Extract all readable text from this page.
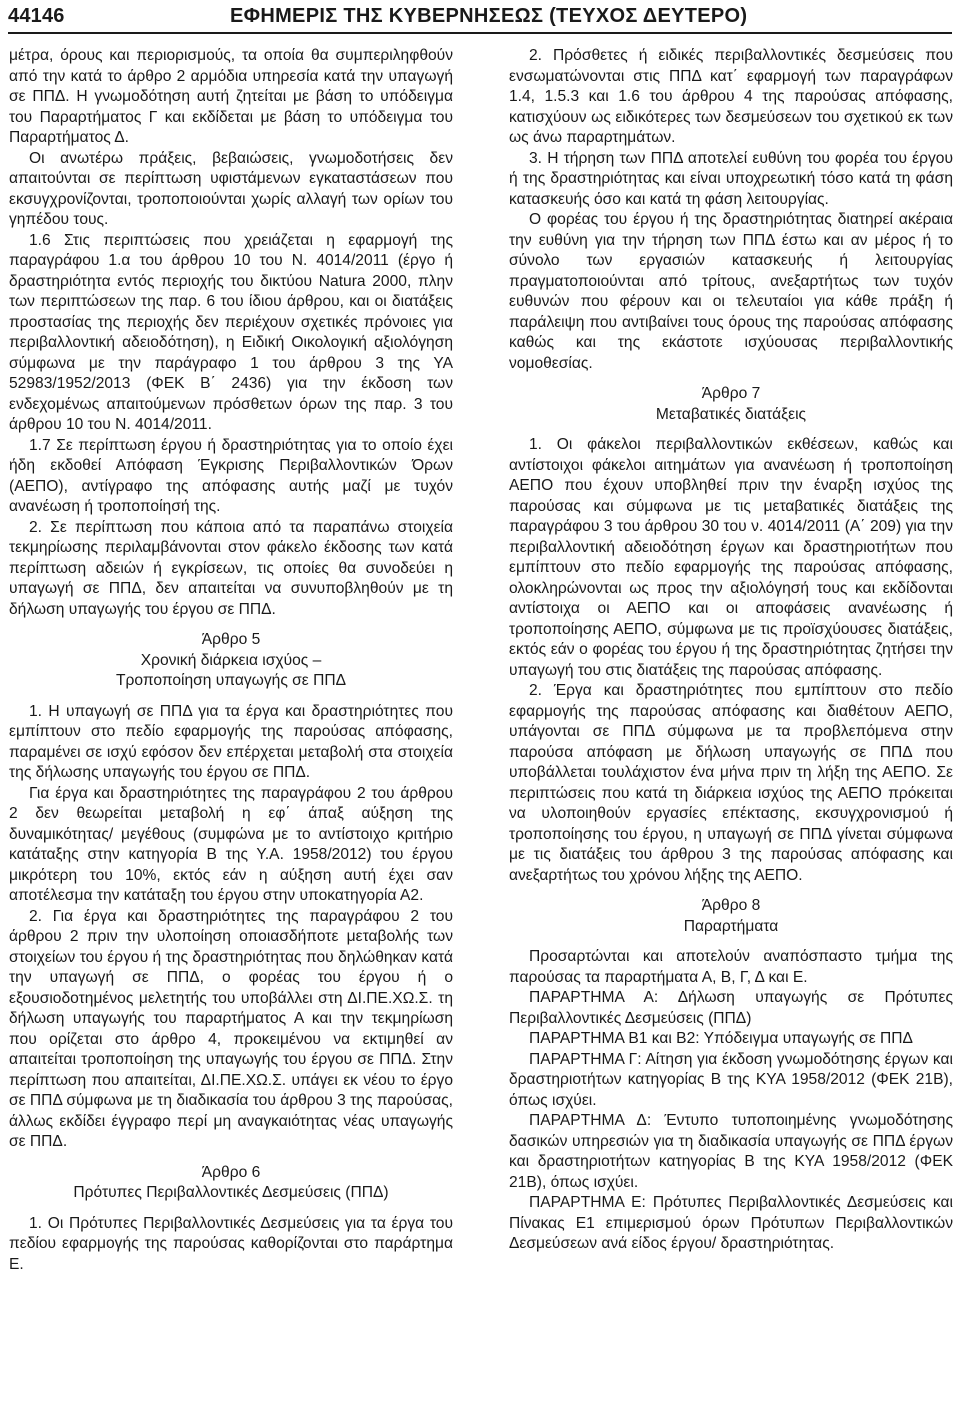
44146	ΕΦΗΜΕΡΙΣ ΤΗΣ ΚΥΒΕΡΝΗΣΕΩΣ (ΤΕΥΧΟΣ ΔΕΥΤΕΡΟ)

μέτρα, όρους και περιορισμούς, τα οποία θα συμπεριληφθούν από την κατά το άρθρο 2 αρμόδια υπηρεσία κατά την υπαγωγή σε ΠΠΔ. Η γνωμοδότηση αυτή ζητείται με βάση το υπόδειγμα του Παραρτήματος Γ και εκδίδεται με βάση το υπόδειγμα του Παραρτήματος Δ.

Οι ανωτέρω πράξεις, βεβαιώσεις, γνωμοδοτήσεις δεν απαιτούνται σε περίπτωση υφιστάμενων εγκαταστάσεων που εκσυγχρονίζονται, τροποποιούνται χωρίς αλλαγή των ορίων του γηπέδου τους.

1.6 Στις περιπτώσεις που χρειάζεται η εφαρμογή της παραγράφου 1.α του άρθρου 10 του Ν. 4014/2011 (έργο ή δραστηριότητα εντός περιοχής του δικτύου Natura 2000, πλην των περιπτώσεων της παρ. 6 του ίδιου άρθρου, και οι διατάξεις προστασίας της περιοχής δεν περιέχουν σχετικές πρόνοιες για περιβαλλοντική αδειοδότηση), η Ειδική Οικολογική αξιολόγηση σύμφωνα με την παράγραφο 1 του άρθρου 3 της ΥΑ 52983/1952/2013 (ΦΕΚ Β΄ 2436) για την έκδοση των ενδεχομένως απαιτούμενων πρόσθετων όρων της παρ. 3 του άρθρου 10 του Ν. 4014/2011.

1.7 Σε περίπτωση έργου ή δραστηριότητας για το οποίο έχει ήδη εκδοθεί Απόφαση Έγκρισης Περιβαλλοντικών Όρων (ΑΕΠΟ), αντίγραφο της απόφασης αυτής μαζί με τυχόν ανανέωση ή τροποποίησή της.

2. Σε περίπτωση που κάποια από τα παραπάνω στοιχεία τεκμηρίωσης περιλαμβάνονται στον φάκελο έκδοσης των κατά περίπτωση αδειών ή εγκρίσεων, τις οποίες θα συνοδεύει η υπαγωγή σε ΠΠΔ, δεν απαιτείται να συνυποβληθούν με τη δήλωση υπαγωγής του έργου σε ΠΠΔ.

Άρθρο 5

Χρονική διάρκεια ισχύος –

Τροποποίηση υπαγωγής σε ΠΠΔ

1. Η υπαγωγή σε ΠΠΔ για τα έργα και δραστηριότητες που εμπίπτουν στο πεδίο εφαρμογής της παρούσας απόφασης, παραμένει σε ισχύ εφόσον δεν επέρχεται μεταβολή στα στοιχεία της δήλωσης υπαγωγής του έργου σε ΠΠΔ.

Για έργα και δραστηριότητες της παραγράφου 2 του άρθρου 2 δεν θεωρείται μεταβολή η εφ΄ άπαξ αύξηση της δυναμικότητας/ μεγέθους (συμφώνα με το αντίστοιχο κριτήριο κατάταξης στην κατηγορία Β της Υ.Α. 1958/2012) του έργου μικρότερη του 10%, εκτός εάν η αύξηση αυτή έχει σαν αποτέλεσμα την κατάταξη του έργου στην υποκατηγορία Α2.

2. Για έργα και δραστηριότητες της παραγράφου 2 του άρθρου 2 πριν την υλοποίηση οποιασδήποτε μεταβολής των στοιχείων του έργου ή της δραστηριότητας που δηλώθηκαν κατά την υπαγωγή σε ΠΠΔ, ο φορέας του έργου ή ο εξουσιοδοτημένος μελετητής του υποβάλλει στη ΔΙ.ΠΕ.ΧΩ.Σ. τη δήλωση υπαγωγής του παραρτήματος Α και την τεκμηρίωση που ορίζεται στο άρθρο 4, προκειμένου να εκτιμηθεί αν απαιτείται τροποποίηση της υπαγωγής του έργου σε ΠΠΔ. Στην περίπτωση που απαιτείται, ΔΙ.ΠΕ.ΧΩ.Σ. υπάγει εκ νέου το έργο σε ΠΠΔ σύμφωνα με τη διαδικασία του άρθρου 3 της παρούσας, άλλως εκδίδει έγγραφο περί μη αναγκαιότητας νέας υπαγωγής σε ΠΠΔ.

Άρθρο 6

Πρότυπες Περιβαλλοντικές Δεσμεύσεις (ΠΠΔ)

1. Οι Πρότυπες Περιβαλλοντικές Δεσμεύσεις για τα έργα του πεδίου εφαρμογής της παρούσας καθορίζονται στο παράρτημα Ε.

2. Πρόσθετες ή ειδικές περιβαλλοντικές δεσμεύσεις που ενσωματώνονται στις ΠΠΔ κατ΄ εφαρμογή των παραγράφων 1.4, 1.5.3 και 1.6 του άρθρου 4 της παρούσας απόφασης, κατισχύουν ως ειδικότερες των δεσμεύσεων του σχετικού εκ των ως άνω παραρτημάτων.

3. Η τήρηση των ΠΠΔ αποτελεί ευθύνη του φορέα του έργου ή της δραστηριότητας και είναι υποχρεωτική τόσο κατά τη φάση κατασκευής όσο και κατά τη φάση λειτουργίας.

Ο φορέας του έργου ή της δραστηριότητας διατηρεί ακέραια την ευθύνη για την τήρηση των ΠΠΔ έστω και αν μέρος ή το σύνολο των εργασιών κατασκευής ή λειτουργίας πραγματοποιούνται από τρίτους, ανεξαρτήτως των τυχόν ευθυνών που φέρουν και οι τελευταίοι για κάθε πράξη ή παράλειψη που αντιβαίνει τους όρους της παρούσας απόφασης καθώς και της εκάστοτε ισχύουσας περιβαλλοντικής νομοθεσίας.

Άρθρο 7

Μεταβατικές διατάξεις

1. Οι φάκελοι περιβαλλοντικών εκθέσεων, καθώς και αντίστοιχοι φάκελοι αιτημάτων για ανανέωση ή τροποποίηση ΑΕΠΟ που έχουν υποβληθεί πριν την έναρξη ισχύος της παρούσας και σύμφωνα με τις μεταβατικές διατάξεις της παραγράφου 3 του άρθρου 30 του ν. 4014/2011 (Α΄ 209) για την περιβαλλοντική αδειοδότηση έργων και δραστηριοτήτων που εμπίπτουν στο πεδίο εφαρμογής της παρούσας απόφασης, ολοκληρώνονται ως προς την αξιολόγησή τους και εκδίδονται αντίστοιχα οι ΑΕΠΟ και οι αποφάσεις ανανέωσης ή τροποποίησης ΑΕΠΟ, σύμφωνα με τις προϊσχύουσες διατάξεις, εκτός εάν ο φορέας του έργου ή της δραστηριότητας ζητήσει την υπαγωγή του στις διατάξεις της παρούσας απόφασης.

2. Έργα και δραστηριότητες που εμπίπτουν στο πεδίο εφαρμογής της παρούσας απόφασης και διαθέτουν ΑΕΠΟ, υπάγονται σε ΠΠΔ σύμφωνα με τα προβλεπόμενα στην παρούσα απόφαση με δήλωση υπαγωγής σε ΠΠΔ που υποβάλλεται τουλάχιστον ένα μήνα πριν τη λήξη της ΑΕΠΟ. Σε περιπτώσεις που κατά τη διάρκεια ισχύος της ΑΕΠΟ πρόκειται να υλοποιηθούν εργασίες επέκτασης, εκσυγχρονισμού ή τροποποίησης του έργου, η υπαγωγή σε ΠΠΔ γίνεται σύμφωνα με τις διατάξεις του άρθρου 3 της παρούσας απόφασης και ανεξαρτήτως του χρόνου λήξης της ΑΕΠΟ.

Άρθρο 8

Παραρτήματα

Προσαρτώνται και αποτελούν αναπόσπαστο τμήμα της παρούσας τα παραρτήματα Α, Β, Γ, Δ και Ε.

ΠΑΡΑΡΤΗΜΑ Α: Δήλωση υπαγωγής σε Πρότυπες Περιβαλλοντικές Δεσμεύσεις (ΠΠΔ)

ΠΑΡΑΡΤΗΜΑ Β1 και Β2: Υπόδειγμα υπαγωγής σε ΠΠΔ

ΠΑΡΑΡΤΗΜΑ Γ: Αίτηση για έκδοση γνωμοδότησης έργων και δραστηριοτήτων κατηγορίας Β της ΚΥΑ 1958/2012 (ΦΕΚ 21Β), όπως ισχύει.

ΠΑΡΑΡΤΗΜΑ Δ: Έντυπο τυποποιημένης γνωμοδότησης δασικών υπηρεσιών για τη διαδικασία υπαγωγής σε ΠΠΔ έργων και δραστηριοτήτων κατηγορίας Β της ΚΥΑ 1958/2012 (ΦΕΚ 21Β), όπως ισχύει.

ΠΑΡΑΡΤΗΜΑ Ε: Πρότυπες Περιβαλλοντικές Δεσμεύσεις και Πίνακας Ε1 επιμερισμού όρων Πρότυπων Περιβαλλοντικών Δεσμεύσεων ανά είδος έργου/ δραστηριότητας.
